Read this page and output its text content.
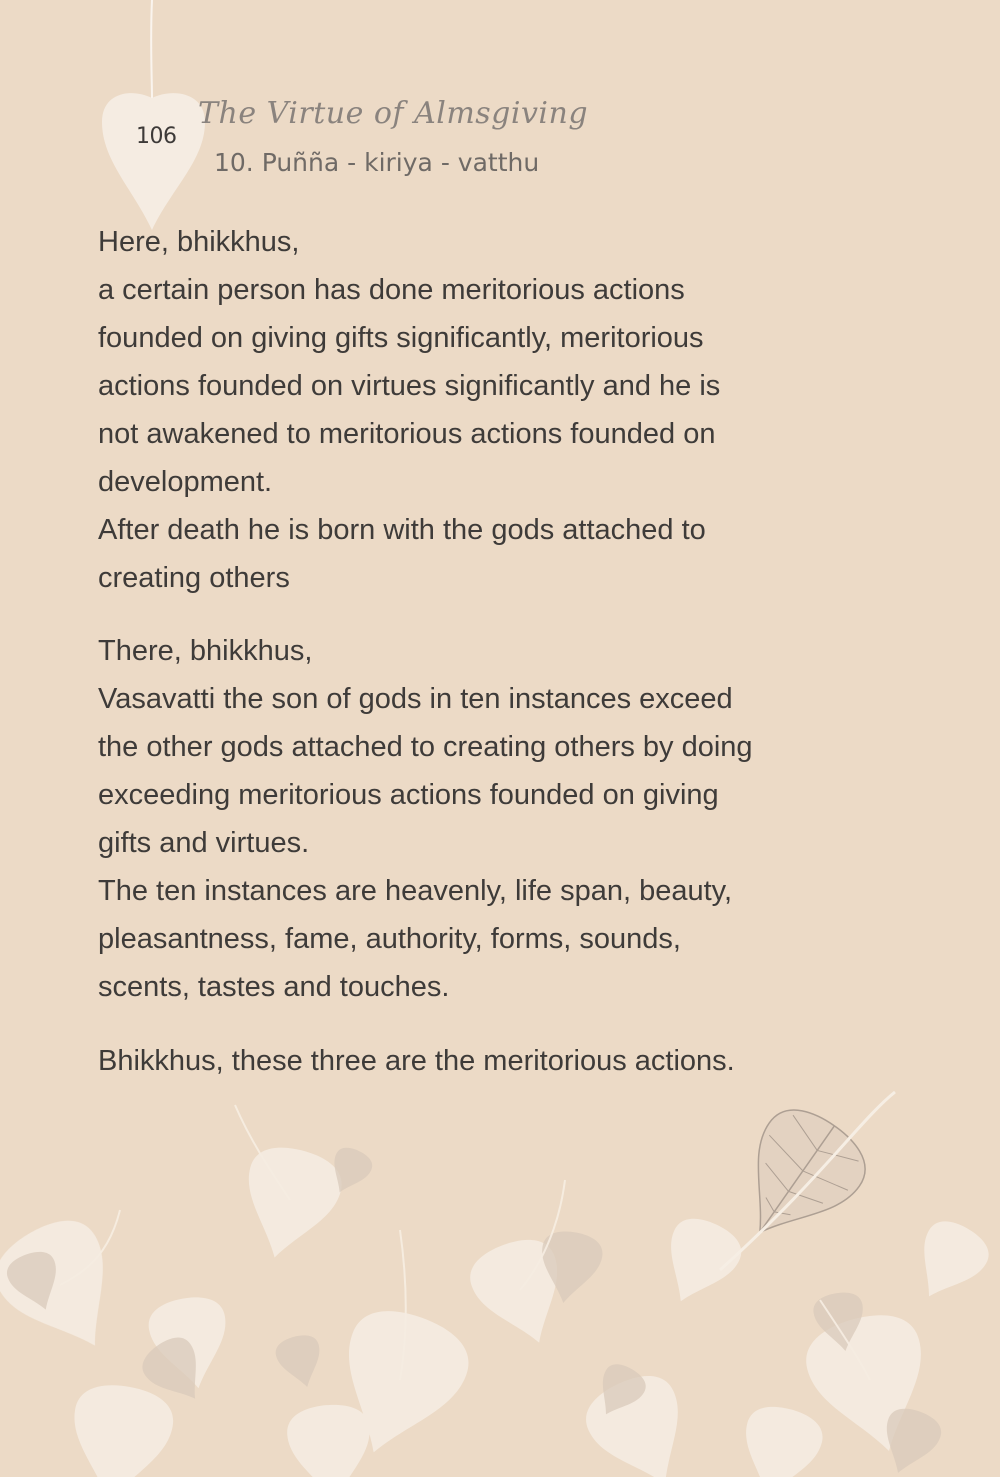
106
The Virtue of Almsgiving
10. Puñña - kiriya - vatthu
Here, bhikkhus,
a certain person has done meritorious actions
founded on giving gifts significantly, meritorious
actions founded on virtues significantly and he is
not awakened to meritorious actions founded on
development.
After death he is born with the gods attached to
creating others
There, bhikkhus,
Vasavatti the son of gods in ten instances exceed
the other gods attached to creating others by doing
exceeding meritorious actions founded on giving
gifts and virtues.
The ten instances are heavenly, life span, beauty,
pleasantness, fame, authority, forms, sounds,
scents, tastes and touches.
Bhikkhus, these three are the meritorious actions.
